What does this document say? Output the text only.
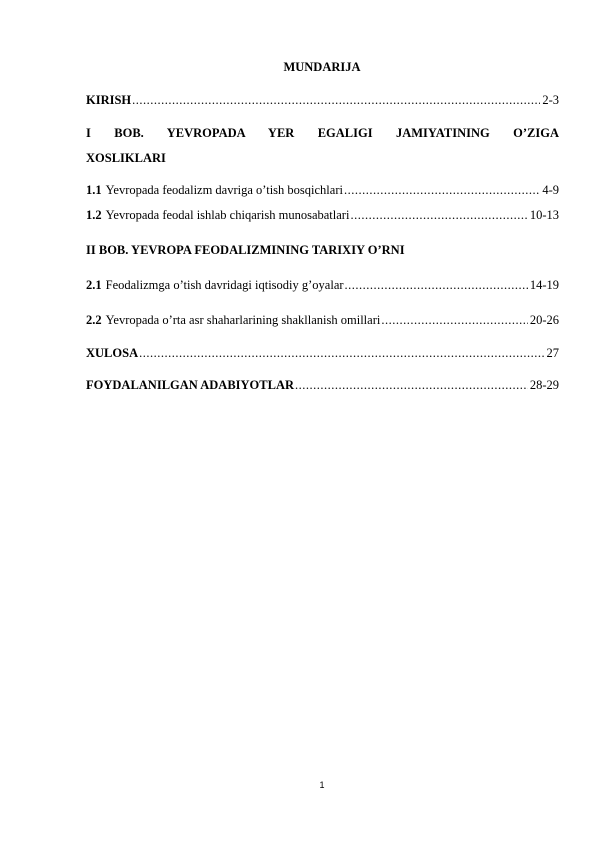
MUNDARIJA
KIRISH .....	2-3
I BOB. YEVROPADA YER EGALIGI JAMIYATINING O’ZIGA
XOSLIKLARI
1.1 Yevropada feodalizm davriga o’tish bosqichlari .....	4-9
1.2 Yevropada feodal ishlab chiqarish munosabatlari .....	10-13
II BOB. YEVROPA FEODALIZMINING TARIXIY O’RNI
2.1 Feodalizmga o’tish davridagi iqtisodiy g’oyalar .....	14-19
2.2 Yevropada o’rta asr shaharlarining shakllanish omillari .....	20-26
XULOSA .....	27
FOYDALANILGAN ADABIYOTLAR .....	28-29
1
